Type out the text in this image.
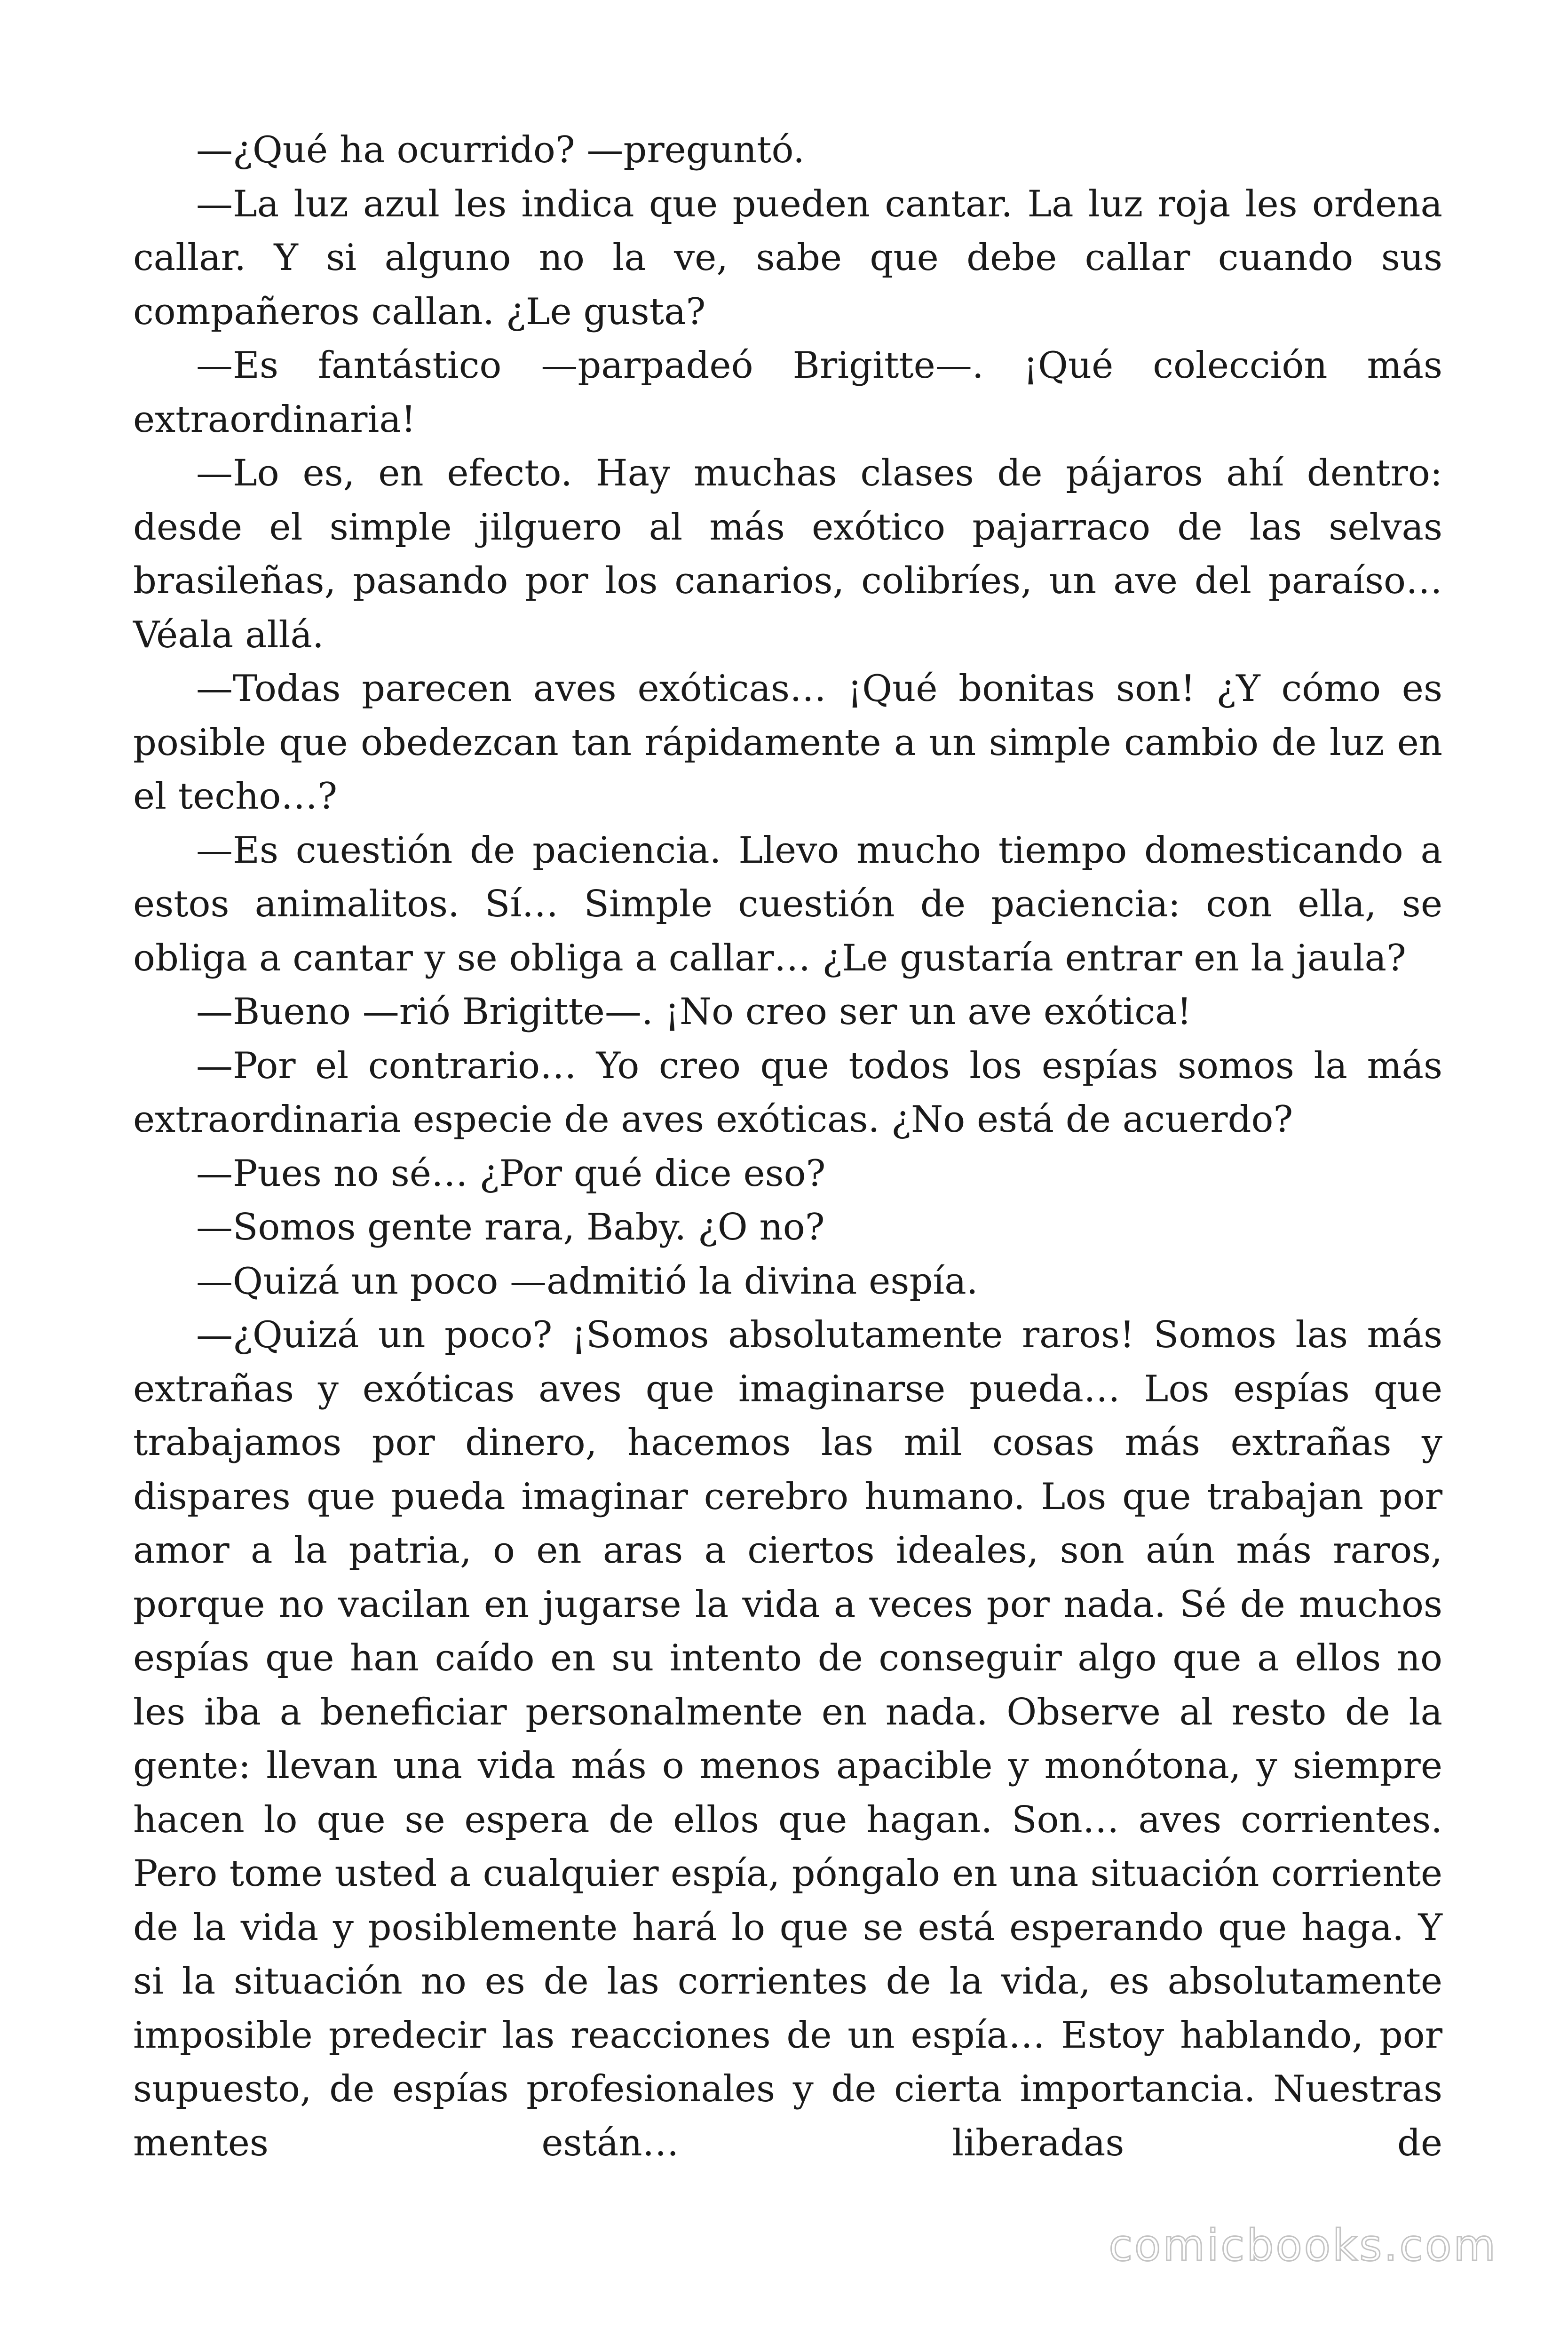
—¿Qué ha ocurrido? —preguntó.

—La luz azul les indica que pueden cantar. La luz roja les ordena callar. Y si alguno no la ve, sabe que debe callar cuando sus compañeros callan. ¿Le gusta?

—Es fantástico —parpadeó Brigitte—. ¡Qué colección más extraordinaria!

—Lo es, en efecto. Hay muchas clases de pájaros ahí dentro: desde el simple jilguero al más exótico pajarraco de las selvas brasileñas, pasando por los canarios, colibríes, un ave del paraíso… Véala allá.

—Todas parecen aves exóticas… ¡Qué bonitas son! ¿Y cómo es posible que obedezcan tan rápidamente a un simple cambio de luz en el techo…?

—Es cuestión de paciencia. Llevo mucho tiempo domesticando a estos animalitos. Sí… Simple cuestión de paciencia: con ella, se obliga a cantar y se obliga a callar… ¿Le gustaría entrar en la jaula?

—Bueno —rió Brigitte—. ¡No creo ser un ave exótica!

—Por el contrario… Yo creo que todos los espías somos la más extraordinaria especie de aves exóticas. ¿No está de acuerdo?

—Pues no sé… ¿Por qué dice eso?

—Somos gente rara, Baby. ¿O no?

—Quizá un poco —admitió la divina espía.

—¿Quizá un poco? ¡Somos absolutamente raros! Somos las más extrañas y exóticas aves que imaginarse pueda… Los espías que trabajamos por dinero, hacemos las mil cosas más extrañas y dispares que pueda imaginar cerebro humano. Los que trabajan por amor a la patria, o en aras a ciertos ideales, son aún más raros, porque no vacilan en jugarse la vida a veces por nada. Sé de muchos espías que han caído en su intento de conseguir algo que a ellos no les iba a beneficiar personalmente en nada. Observe al resto de la gente: llevan una vida más o menos apacible y monótona, y siempre hacen lo que se espera de ellos que hagan. Son… aves corrientes. Pero tome usted a cualquier espía, póngalo en una situación corriente de la vida y posiblemente hará lo que se está esperando que haga. Y si la situación no es de las corrientes de la vida, es absolutamente imposible predecir las reacciones de un espía… Estoy hablando, por supuesto, de espías profesionales y de cierta importancia. Nuestras mentes están… liberadas de

comicbooks.com
